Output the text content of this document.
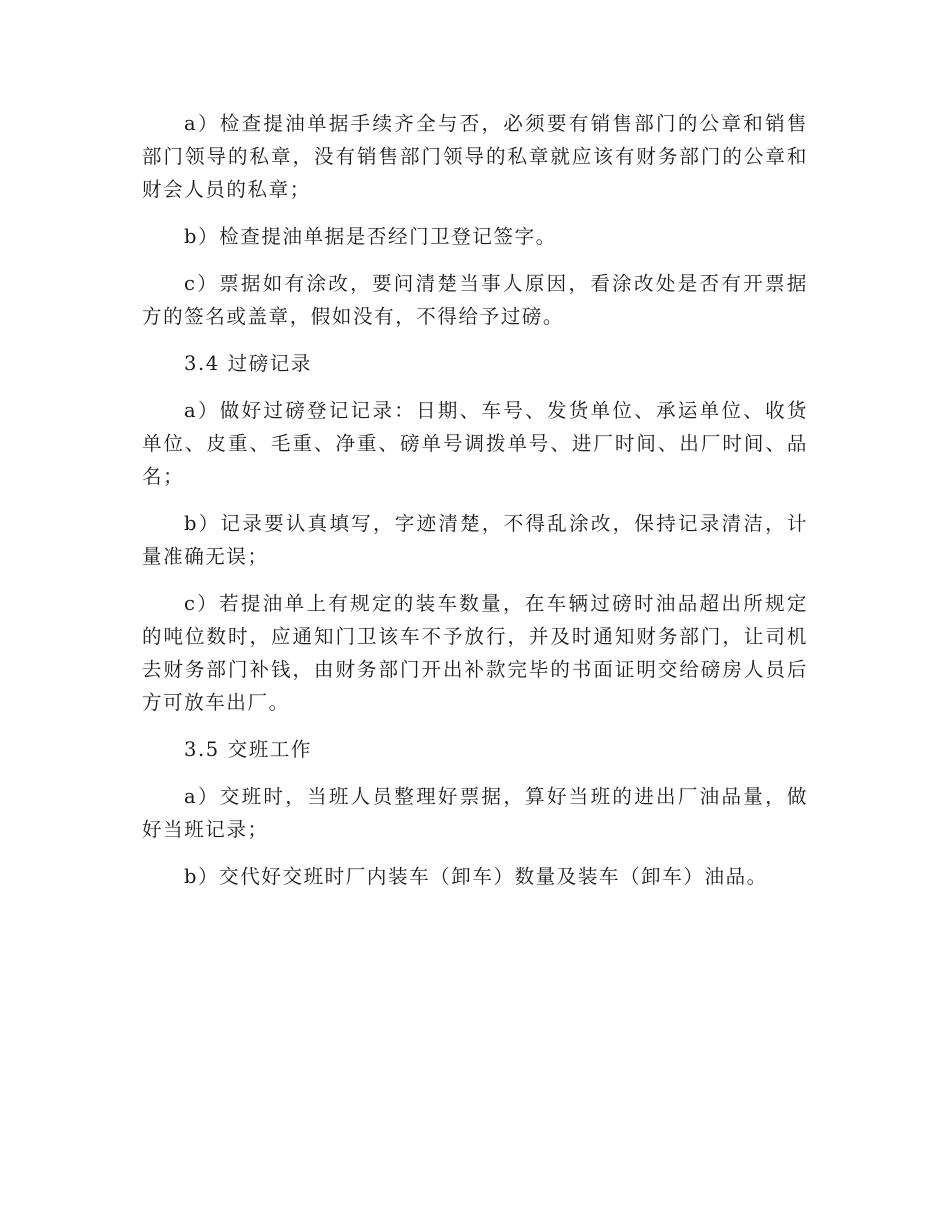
a）检查提油单据手续齐全与否，必须要有销售部门的公章和销售部门领导的私章，没有销售部门领导的私章就应该有财务部门的公章和财会人员的私章；

b）检查提油单据是否经门卫登记签字。

c）票据如有涂改，要问清楚当事人原因，看涂改处是否有开票据方的签名或盖章，假如没有，不得给予过磅。

3.4 过磅记录

a）做好过磅登记记录：日期、车号、发货单位、承运单位、收货单位、皮重、毛重、净重、磅单号调拨单号、进厂时间、出厂时间、品名；

b）记录要认真填写，字迹清楚，不得乱涂改，保持记录清洁，计量准确无误；

c）若提油单上有规定的装车数量，在车辆过磅时油品超出所规定的吨位数时，应通知门卫该车不予放行，并及时通知财务部门，让司机去财务部门补钱，由财务部门开出补款完毕的书面证明交给磅房人员后方可放车出厂。

3.5 交班工作

a）交班时，当班人员整理好票据，算好当班的进出厂油品量，做好当班记录；

b）交代好交班时厂内装车（卸车）数量及装车（卸车）油品。
